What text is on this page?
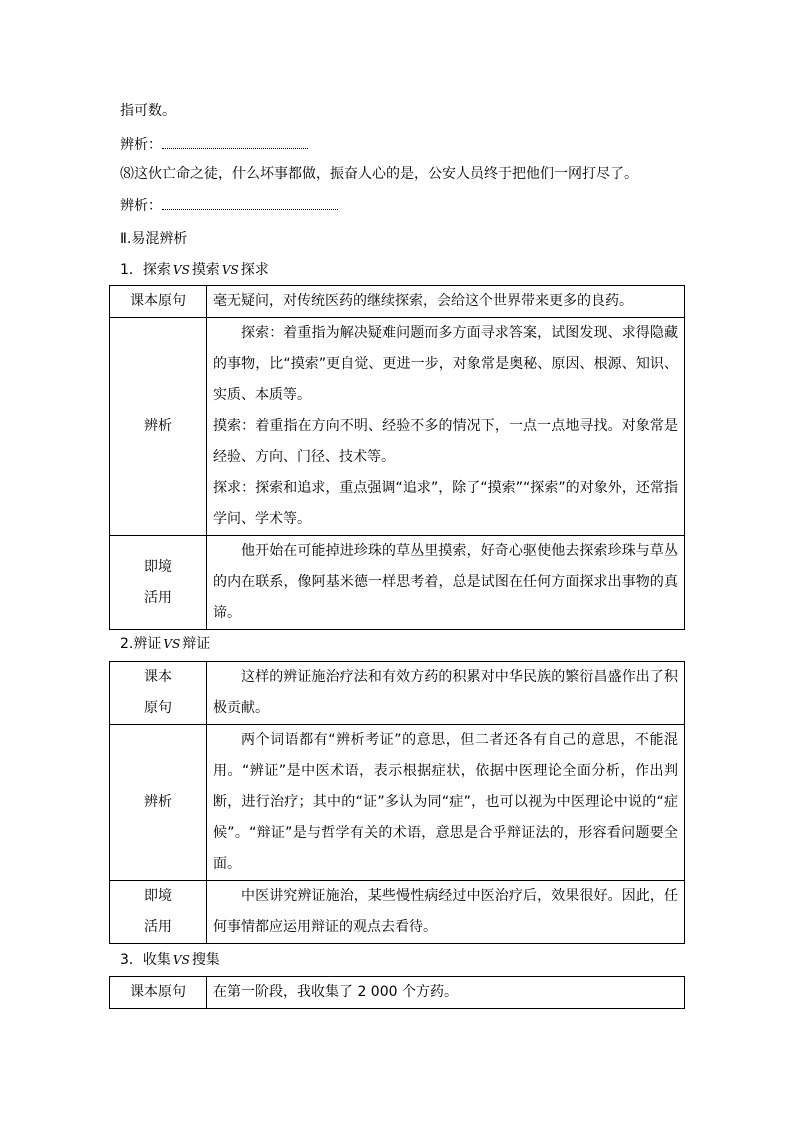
指可数。
辨析：
⑻这伙亡命之徒，什么坏事都做，振奋人心的是，公安人员终于把他们一网打尽了。
辨析：
Ⅱ.易混辨析
1．探索 VS 摸索 VS 探求
课本原句	毫无疑问，对传统医药的继续探索，会给这个世界带来更多的良药。
辨析	探索：着重指为解决疑难问题而多方面寻求答案，试图发现、求得隐藏的事物，比“摸索”更自觉、更进一步，对象常是奥秘、原因、根源、知识、实质、本质等。
摸索：着重指在方向不明、经验不多的情况下，一点一点地寻找。对象常是经验、方向、门径、技术等。
探求：探索和追求，重点强调“追求”，除了“摸索”“探索”的对象外，还常指学问、学术等。

即境
活用	他开始在可能掉进珍珠的草丛里摸索，好奇心驱使他去探索珍珠与草丛的内在联系，像阿基米德一样思考着，总是试图在任何方面探求出事物的真谛。
2.辨证 VS 辩证
课本
原句	这样的辨证施治疗法和有效方药的积累对中华民族的繁衍昌盛作出了积极贡献。
辨析	两个词语都有“辨析考证”的意思，但二者还各有自己的意思，不能混用。“辨证”是中医术语，表示根据症状，依据中医理论全面分析，作出判断，进行治疗；其中的“证”多认为同“症”，也可以视为中医理论中说的“症候”。“辩证”是与哲学有关的术语，意思是合乎辩证法的，形容看问题要全面。

即境
活用	中医讲究辨证施治，某些慢性病经过中医治疗后，效果很好。因此，任何事情都应运用辩证的观点去看待。
3．收集 VS 搜集
课本原句	在第一阶段，我收集了 2 000 个方药。
